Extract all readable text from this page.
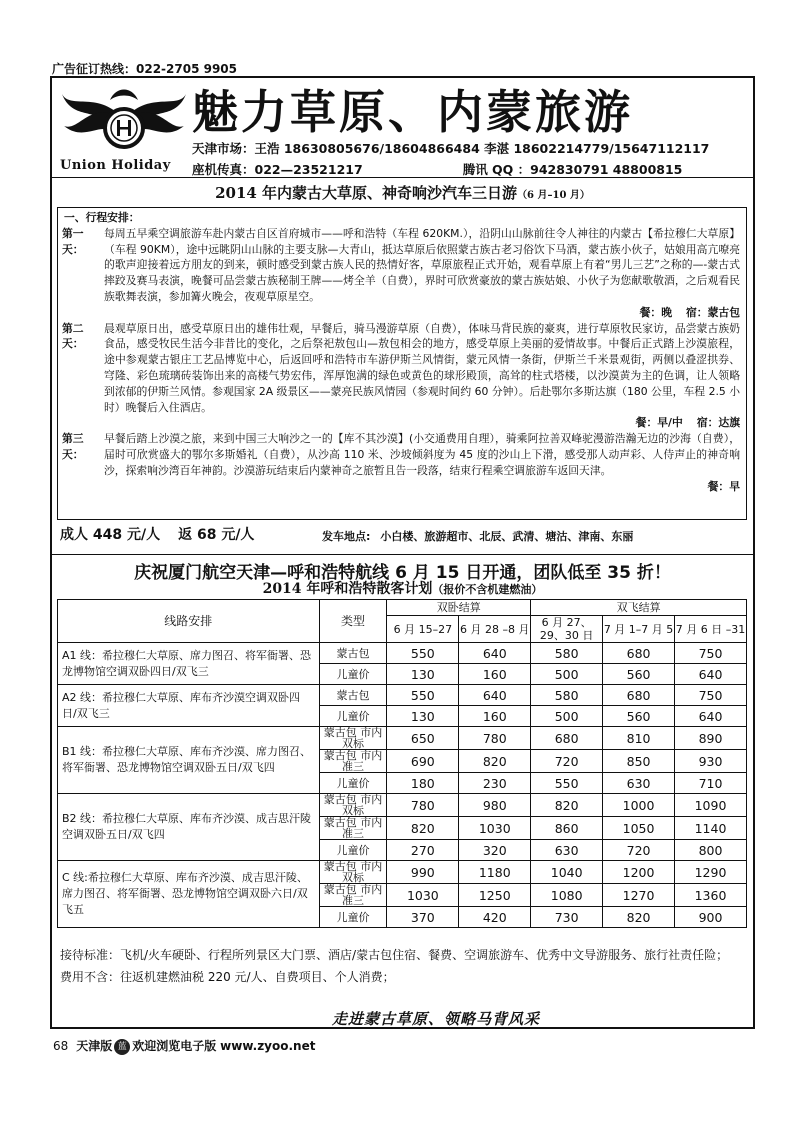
广告征订热线：022-2705 9905
Union Holiday
魅力草原、内蒙旅游
天津市场：王浩 18630805676/18604866484 李湛 18602214779/15647112117
座机传真：022—23521217	腾讯 QQ ：942830791 48800815
2014 年内蒙古大草原、神奇响沙汽车三日游（6 月–10 月）
一、行程安排：
第一天：
每周五早乘空调旅游车赴内蒙古自区首府城市——呼和浩特（车程 620KM.），沿阴山山脉前往令人神往的内蒙古【希拉穆仁大草原】（车程 90KM），途中远眺阴山山脉的主要支脉—大青山，抵达草原后依照蒙古族古老习俗饮下马酒，蒙古族小伙子，姑娘用高亢嘹亮的歌声迎接着远方朋友的到来，顿时感受到蒙古族人民的热情好客，草原旅程正式开始，观看草原上有着“男儿三艺”之称的—-蒙古式摔跤及赛马表演，晚餐可品尝蒙古族秘制王牌——烤全羊（自费），界时可欣赏豪放的蒙古族姑娘、小伙子为您献歌敬酒，之后观看民族歌舞表演，参加篝火晚会，夜观草原星空。
餐：晚 宿：蒙古包
第二天：
晨观草原日出，感受草原日出的雄伟壮观，早餐后，骑马漫游草原（自费），体味马背民族的豪爽，进行草原牧民家访，品尝蒙古族奶食品，感受牧民生活今非昔比的变化，之后祭祀敖包山—敖包相会的地方，感受草原上美丽的爱情故事。中餐后正式踏上沙漠旅程，途中参观蒙古银庄工艺品博览中心，后返回呼和浩特市车游伊斯兰风情街，蒙元风情一条街，伊斯兰千米景观街，两侧以叠涩拱券、穹隆、彩色琉璃砖装饰出来的高楼气势宏伟，浑厚饱满的绿色或黄色的球形殿顶，高耸的柱式塔楼，以沙漠黄为主的色调，让人领略到浓郁的伊斯兰风情。参观国家 2A 级景区——蒙亮民族风情园（参观时间约 60 分钟）。后赴鄂尔多斯达旗（180 公里，车程 2.5 小时）晚餐后入住酒店。
餐：早/中 宿：达旗
第三天：
早餐后踏上沙漠之旅，来到中国三大响沙之一的【库不其沙漠】(小交通费用自理），骑乘阿拉善双峰驼漫游浩瀚无边的沙海（自费），届时可欣赏盛大的鄂尔多斯婚礼（自费），从沙高 110 米、沙坡倾斜度为 45 度的沙山上下滑，感受那人动声彩、人侍声止的神奇响沙，探索响沙湾百年神韵。沙漠游玩结束后内蒙神奇之旅暂且告一段落，结束行程乘空调旅游车返回天津。
餐：早
成人 448 元/人 返 68 元/人	发车地点: 小白楼、旅游超市、北辰、武清、塘沽、津南、东丽
庆祝厦门航空天津—呼和浩特航线 6 月 15 日开通，团队低至 35 折！
2014 年呼和浩特散客计划（报价不含机建燃油）
线路安排	类型	双卧结算		双飞结算		
		6 月 15–27	6 月 28 –8 月	6 月 27、29、30 日	7 月 1–7 月 5	7 月 6 日 –31
A1 线：希拉穆仁大草原、席力图召、将军衙署、恐龙博物馆空调双卧四日/双飞三	蒙古包	550	640	580	680	750
	儿童价	130	160	500	560	640
A2 线：希拉穆仁大草原、库布齐沙漠空调双卧四日/双飞三	蒙古包	550	640	580	680	750
	儿童价	130	160	500	560	640
B1 线：希拉穆仁大草原、库布齐沙漠、席力图召、将军衙署、恐龙博物馆空调双卧五日/双飞四	蒙古包 市内双标	650	780	680	810	890
	蒙古包 市内准三	690	820	720	850	930
	儿童价	180	230	550	630	710
B2 线：希拉穆仁大草原、库布齐沙漠、成吉思汗陵空调双卧五日/双飞四	蒙古包 市内双标	780	980	820	1000	1090
	蒙古包 市内准三	820	1030	860	1050	1140
	儿童价	270	320	630	720	800
C 线:希拉穆仁大草原、库布齐沙漠、成吉思汗陵、席力图召、将军衙署、恐龙博物馆空调双卧六日/双飞五	蒙古包 市内双标	990	1180	1040	1200	1290
	蒙古包 市内准三	1030	1250	1080	1270	1360
	儿童价	370	420	730	820	900
接待标准：飞机/火车硬卧、行程所列景区大门票、酒店/蒙古包住宿、餐费、空调旅游车、优秀中文导游服务、旅行社责任险；
费用不含：往返机建燃油税 220 元/人、自费项目、个人消费；
走进蒙古草原、领略马背风采
68 天津版 蓝 欢迎浏览电子版 www.zyoo.net
